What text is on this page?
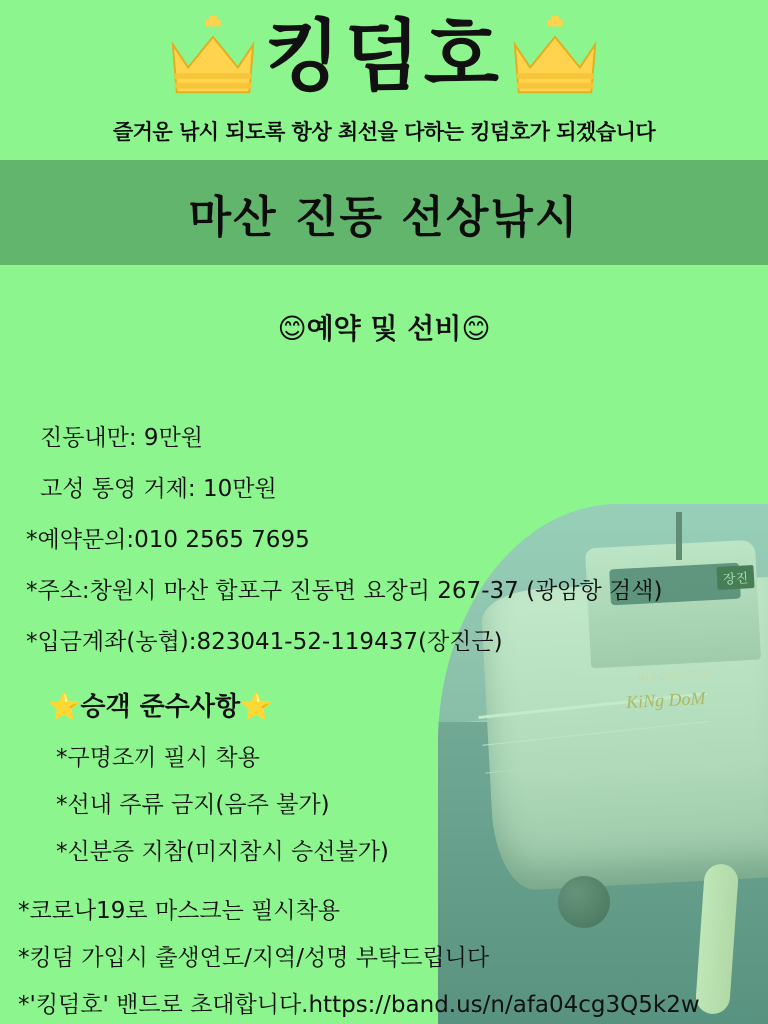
장진
010-2565-7695
KiNg DoM
킹덤호
즐거운 낚시 되도록 항상 최선을 다하는 킹덤호가 되겠습니다
마산 진동 선상낚시
😊예약 및 선비😊
진동내만: 9만원
고성 통영 거제: 10만원
*예약문의:010 2565 7695
*주소:창원시 마산 합포구 진동면 요장리 267-37 (광암항 검색)
*입금계좌(농협):823041-52-119437(장진근)
⭐승객 준수사항⭐
*구명조끼 필시 착용
*선내 주류 금지(음주 불가)
*신분증 지참(미지참시 승선불가)
*코로나19로 마스크는 필시착용
*킹덤 가입시 출생연도/지역/성명 부탁드립니다
*'킹덤호' 밴드로 초대합니다.https://band.us/n/afa04cg3Q5k2w
